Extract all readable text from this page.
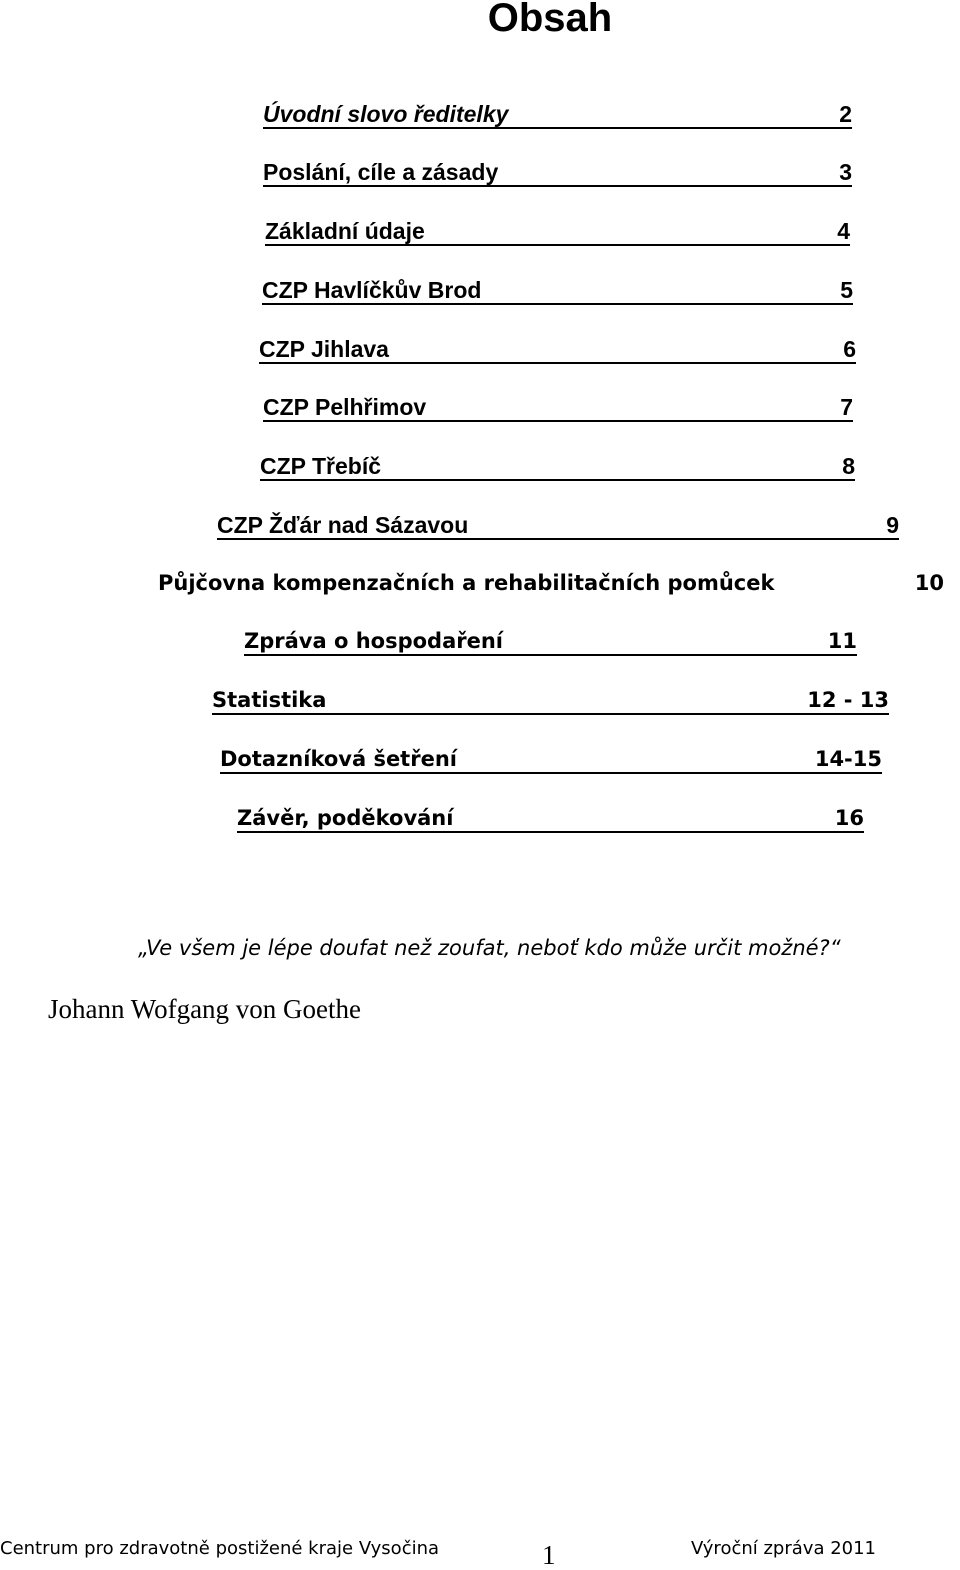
Obsah
Úvodní slovo ředitelky	2
Poslání, cíle a zásady	3
Základní údaje	4
CZP Havlíčkův Brod	5
CZP Jihlava	6
CZP Pelhřimov	7
CZP Třebíč	8
CZP Žďár nad Sázavou	9
Půjčovna kompenzačních a rehabilitačních pomůcek	10
Zpráva o hospodaření	11
Statistika	12 - 13
Dotazníková šetření	14-15
Závěr, poděkování	16
„Ve všem je lépe doufat než zoufat, neboť kdo může určit možné?“
Johann Wofgang von Goethe
Centrum pro zdravotně postižené kraje Vysočina	1	Výroční zpráva 2011
